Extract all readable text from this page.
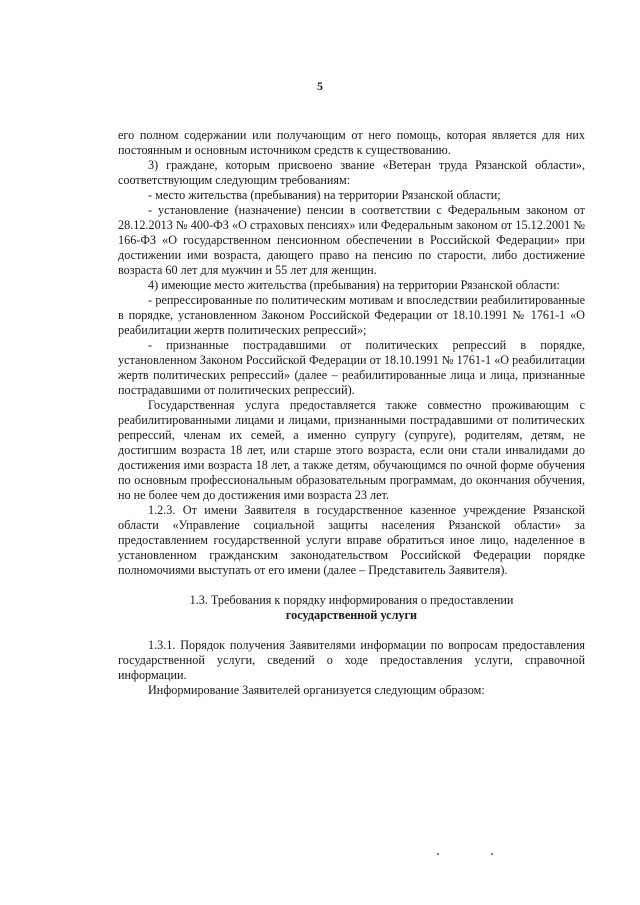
5

его полном содержании или получающим от него помощь, которая является для них постоянным и основным источником средств к существованию.

3) граждане, которым присвоено звание «Ветеран труда Рязанской области», соответствующим следующим требованиям:

- место жительства (пребывания) на территории Рязанской области;

- установление (назначение) пенсии в соответствии с Федеральным законом от 28.12.2013 № 400-ФЗ «О страховых пенсиях» или Федеральным законом от 15.12.2001 № 166-ФЗ «О государственном пенсионном обеспечении в Российской Федерации» при достижении ими возраста, дающего право на пенсию по старости, либо достижение возраста 60 лет для мужчин и 55 лет для женщин.

4) имеющие место жительства (пребывания) на территории Рязанской области:

- репрессированные по политическим мотивам и впоследствии реабилитированные в порядке, установленном Законом Российской Федерации от 18.10.1991 № 1761-1 «О реабилитации жертв политических репрессий»;

- признанные пострадавшими от политических репрессий в порядке, установленном Законом Российской Федерации от 18.10.1991 № 1761-1 «О реабилитации жертв политических репрессий» (далее – реабилитированные лица и лица, признанные пострадавшими от политических репрессий).

Государственная услуга предоставляется также совместно проживающим с реабилитированными лицами и лицами, признанными пострадавшими от политических репрессий, членам их семей, а именно супругу (супруге), родителям, детям, не достигшим возраста 18 лет, или старше этого возраста, если они стали инвалидами до достижения ими возраста 18 лет, а также детям, обучающимся по очной форме обучения по основным профессиональным образовательным программам, до окончания обучения, но не более чем до достижения ими возраста 23 лет.

1.2.3. От имени Заявителя в государственное казенное учреждение Рязанской области «Управление социальной защиты населения Рязанской области» за предоставлением государственной услуги вправе обратиться иное лицо, наделенное в установленном гражданским законодательством Российской Федерации порядке полномочиями выступать от его имени (далее – Представитель Заявителя).

1.3. Требования к порядку информирования о предоставлении
государственной услуги

1.3.1. Порядок получения Заявителями информации по вопросам предоставления государственной услуги, сведений о ходе предоставления услуги, справочной информации.

Информирование Заявителей организуется следующим образом:
